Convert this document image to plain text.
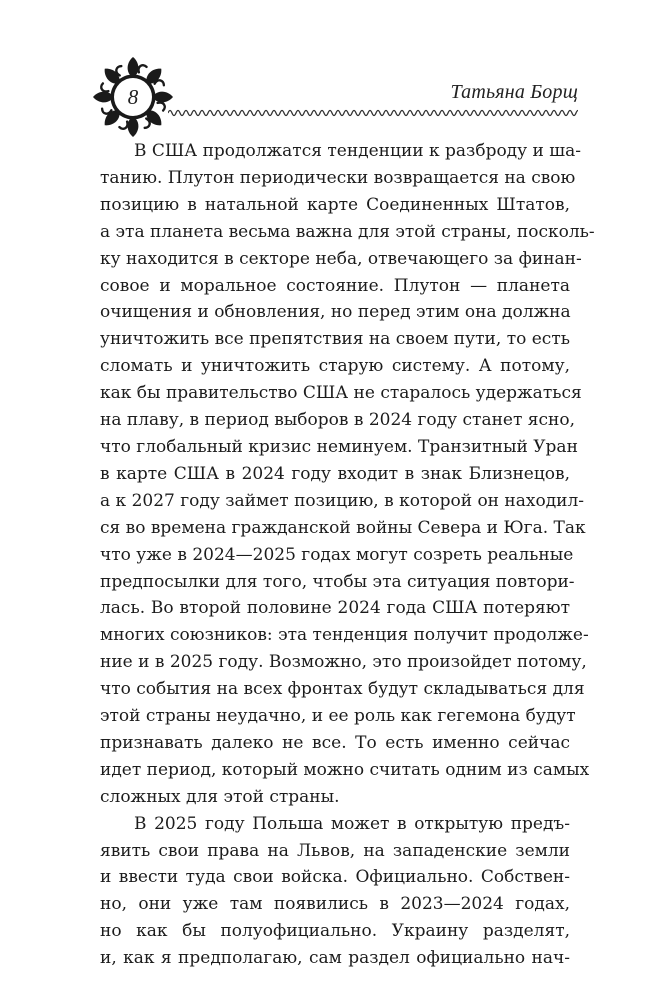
8	Татьяна Борщ
В США продолжатся тенденции к разброду и ша-
танию. Плутон периодически возвращается на свою
позицию в натальной карте Соединенных Штатов,
а эта планета весьма важна для этой страны, посколь-
ку находится в секторе неба, отвечающего за финан-
совое и моральное состояние. Плутон — планета
очищения и обновления, но перед этим она должна
уничтожить все препятствия на своем пути, то есть
сломать и уничтожить старую систему. А потому,
как бы правительство США не старалось удержаться
на плаву, в период выборов в 2024 году станет ясно,
что глобальный кризис неминуем. Транзитный Уран
в карте США в 2024 году входит в знак Близнецов,
а к 2027 году займет позицию, в которой он находил-
ся во времена гражданской войны Севера и Юга. Так
что уже в 2024—2025 годах могут созреть реальные
предпосылки для того, чтобы эта ситуация повтори-
лась. Во второй половине 2024 года США потеряют
многих союзников: эта тенденция получит продолже-
ние и в 2025 году. Возможно, это произойдет потому,
что события на всех фронтах будут складываться для
этой страны неудачно, и ее роль как гегемона будут
признавать далеко не все. То есть именно сейчас
идет период, который можно считать одним из самых
сложных для этой страны.
В 2025 году Польша может в открытую предъ-
явить свои права на Львов, на западенские земли
и ввести туда свои войска. Официально. Собствен-
но, они уже там появились в 2023—2024 годах,
но как бы полуофициально. Украину разделят,
и, как я предполагаю, сам раздел официально нач-
